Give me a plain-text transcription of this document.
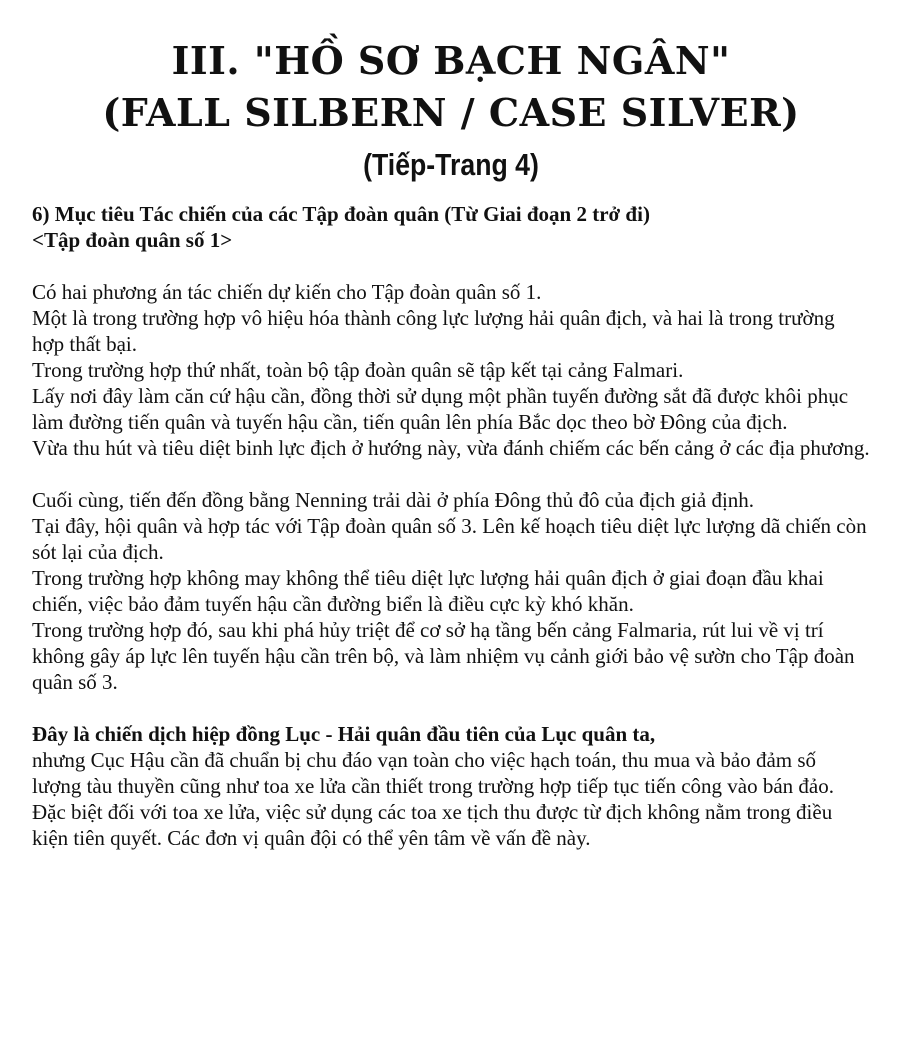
III. "HỒ SƠ BẠCH NGÂN"
(FALL SILBERN / CASE SILVER)
(Tiếp-Trang 4)

6) Mục tiêu Tác chiến của các Tập đoàn quân (Từ Giai đoạn 2 trở đi)

<Tập đoàn quân số 1>

Có hai phương án tác chiến dự kiến cho Tập đoàn quân số 1.

Một là trong trường hợp vô hiệu hóa thành công lực lượng hải quân địch, và hai là trong trường hợp thất bại.

Trong trường hợp thứ nhất, toàn bộ tập đoàn quân sẽ tập kết tại cảng Falmari.

Lấy nơi đây làm căn cứ hậu cần, đồng thời sử dụng một phần tuyến đường sắt đã được khôi phục làm đường tiến quân và tuyến hậu cần, tiến quân lên phía Bắc dọc theo bờ Đông của địch.

Vừa thu hút và tiêu diệt binh lực địch ở hướng này, vừa đánh chiếm các bến cảng ở các địa phương.

Cuối cùng, tiến đến đồng bằng Nenning trải dài ở phía Đông thủ đô của địch giả định.

Tại đây, hội quân và hợp tác với Tập đoàn quân số 3. Lên kế hoạch tiêu diệt lực lượng dã chiến còn sót lại của địch.

Trong trường hợp không may không thể tiêu diệt lực lượng hải quân địch ở giai đoạn đầu khai chiến, việc bảo đảm tuyến hậu cần đường biển là điều cực kỳ khó khăn.

Trong trường hợp đó, sau khi phá hủy triệt để cơ sở hạ tầng bến cảng Falmaria, rút lui về vị trí không gây áp lực lên tuyến hậu cần trên bộ, và làm nhiệm vụ cảnh giới bảo vệ sườn cho Tập đoàn quân số 3.

Đây là chiến dịch hiệp đồng Lục - Hải quân đầu tiên của Lục quân ta,

nhưng Cục Hậu cần đã chuẩn bị chu đáo vạn toàn cho việc hạch toán, thu mua và bảo đảm số lượng tàu thuyền cũng như toa xe lửa cần thiết trong trường hợp tiếp tục tiến công vào bán đảo.

Đặc biệt đối với toa xe lửa, việc sử dụng các toa xe tịch thu được từ địch không nằm trong điều kiện tiên quyết. Các đơn vị quân đội có thể yên tâm về vấn đề này.
